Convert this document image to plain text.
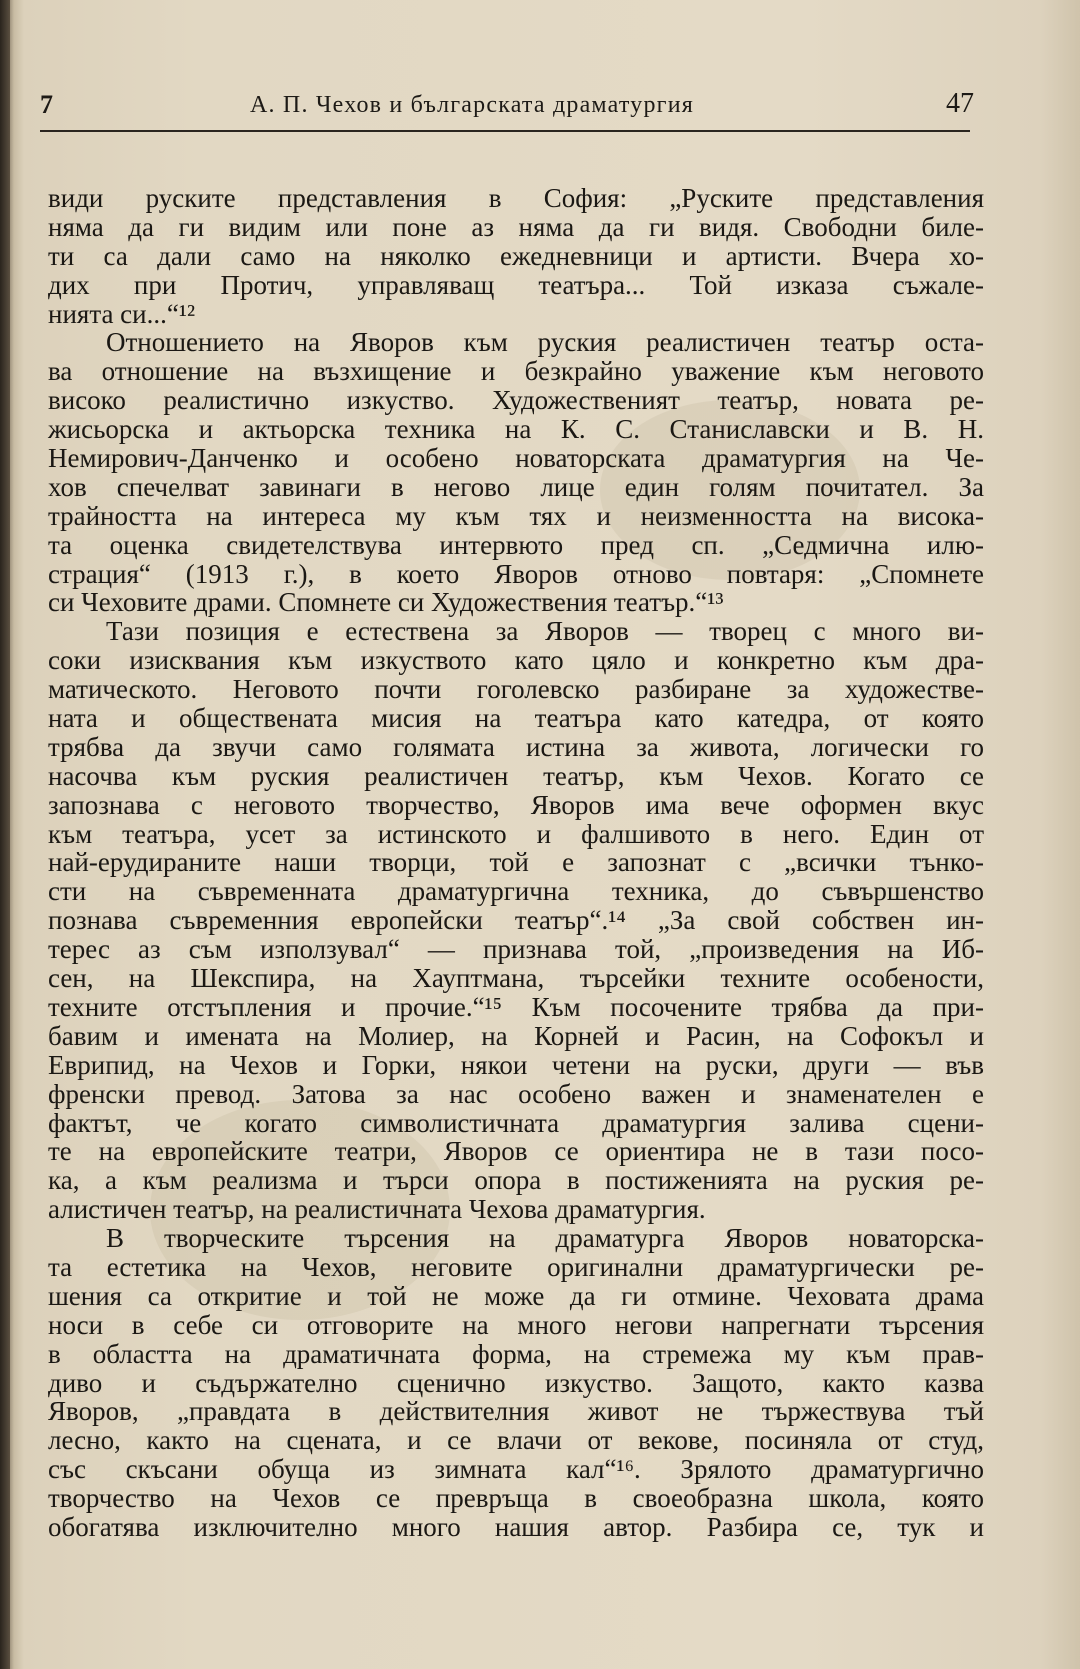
7	А. П. Чехов и българската драматургия	47
види руските представления в София: „Руските представления
няма да ги видим или поне аз няма да ги видя. Свободни биле-
ти са дали само на няколко ежедневници и артисти. Вчера хо-
дих при Протич, управляващ театъра... Той изказа съжале-
нията си...“¹²
Отношението на Яворов към руския реалистичен театър оста-
ва отношение на възхищение и безкрайно уважение към неговото
високо реалистично изкуство. Художественият театър, новата ре-
жисьорска и актьорска техника на К. С. Станиславски и В. Н.
Немирович-Данченко и особено новаторската драматургия на Че-
хов спечелват завинаги в негово лице един голям почитател. За
трайността на интереса му към тях и неизменността на висока-
та оценка свидетелствува интервюто пред сп. „Седмична илю-
страция“ (1913 г.), в което Яворов отново повтаря: „Спомнете
си Чеховите драми. Спомнете си Художествения театър.“¹³
Тази позиция е естествена за Яворов — творец с много ви-
соки изисквания към изкуството като цяло и конкретно към дра-
матическото. Неговото почти гоголевско разбиране за художестве-
ната и обществената мисия на театъра като катедра, от която
трябва да звучи само голямата истина за живота, логически го
насочва към руския реалистичен театър, към Чехов. Когато се
запознава с неговото творчество, Яворов има вече оформен вкус
към театъра, усет за истинското и фалшивото в него. Един от
най-ерудираните наши творци, той е запознат с „всички тънко-
сти на съвременната драматургична техника, до съвършенство
познава съвременния европейски театър“.¹⁴ „За свой собствен ин-
терес аз съм използувал“ — признава той, „произведения на Иб-
сен, на Шекспира, на Хауптмана, търсейки техните особености,
техните отстъпления и прочие.“¹⁵ Към посочените трябва да при-
бавим и имената на Молиер, на Корней и Расин, на Софокъл и
Еврипид, на Чехов и Горки, някои четени на руски, други — във
френски превод. Затова за нас особено важен и знаменателен е
фактът, че когато символистичната драматургия залива сцени-
те на европейските театри, Яворов се ориентира не в тази посо-
ка, а към реализма и търси опора в постиженията на руския ре-
алистичен театър, на реалистичната Чехова драматургия.
В творческите търсения на драматурга Яворов новаторска-
та естетика на Чехов, неговите оригинални драматургически ре-
шения са откритие и той не може да ги отмине. Чеховата драма
носи в себе си отговорите на много негови напрегнати търсения
в областта на драматичната форма, на стремежа му към прав-
диво и съдържателно сценично изкуство. Защото, както казва
Яворов, „правдата в действителния живот не тържествува тъй
лесно, както на сцената, и се влачи от векове, посиняла от студ,
със скъсани обуща из зимната кал“¹⁶. Зрялото драматургично
творчество на Чехов се превръща в своеобразна школа, която
обогатява изключително много нашия автор. Разбира се, тук и
